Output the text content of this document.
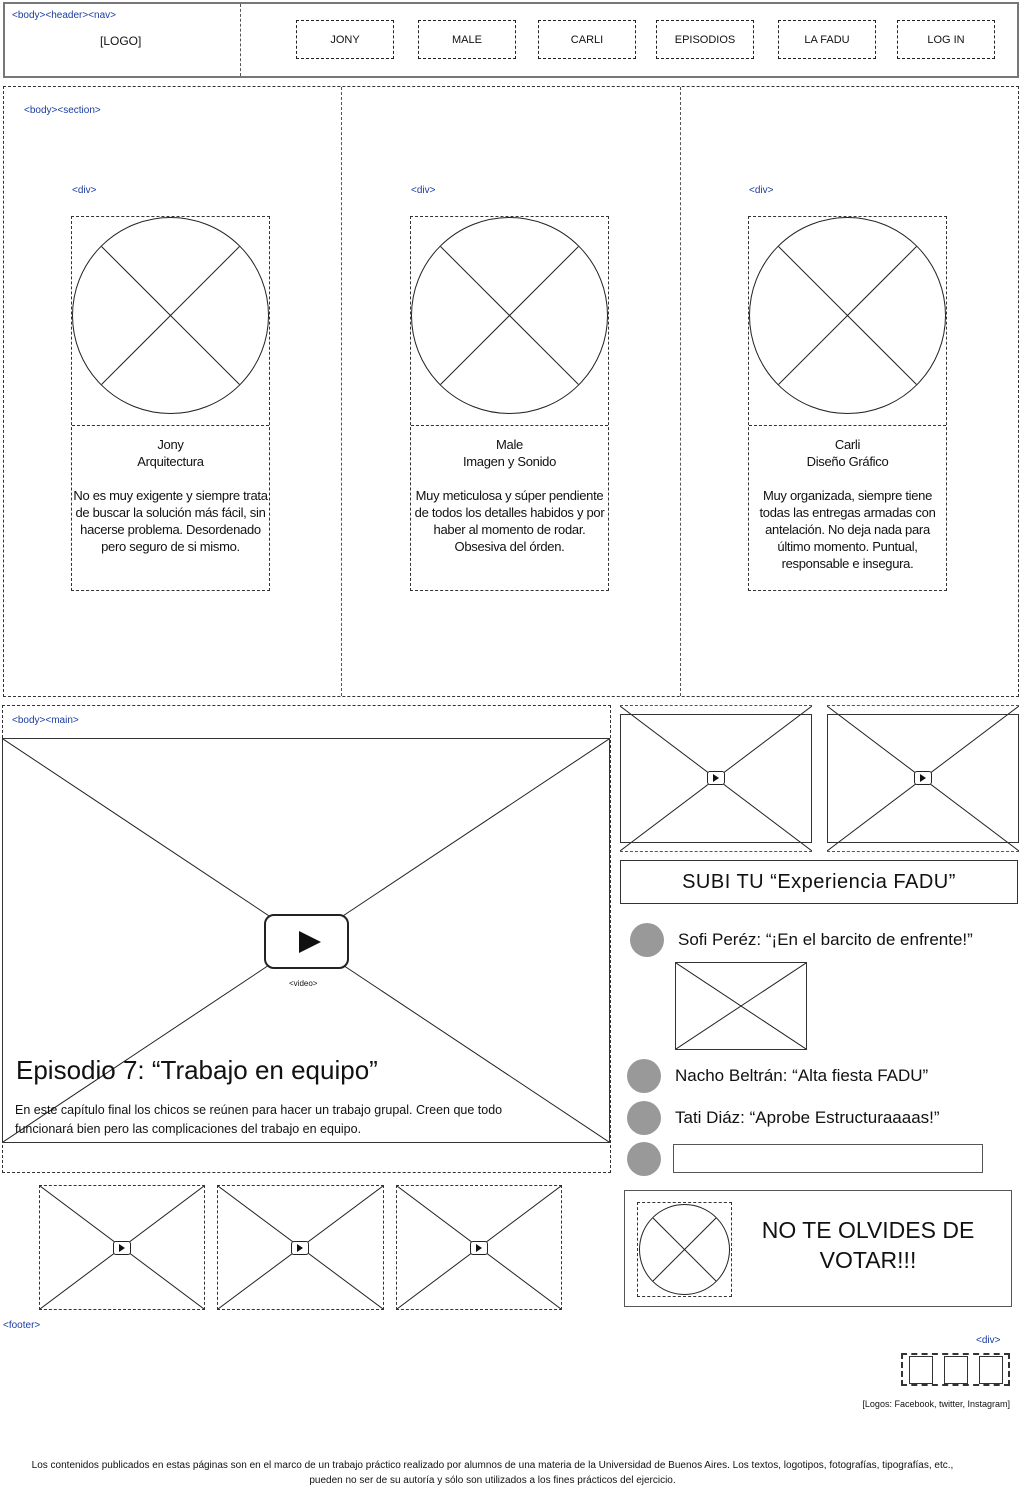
<body><header><nav>
[LOGO]	JONY	MALE	CARLI	EPISODIOS	LA FADU	LOG IN
<body><section>
<div>	<div>	<div>
Jony
Arquitectura
No es muy exigente y siempre trata de buscar la solución más fácil, sin hacerse problema. Desordenado pero seguro de si mismo.
Male
Imagen y Sonido
Muy meticulosa y súper pendiente de todos los detalles habidos y por haber al momento de rodar. Obsesiva del órden.
Carli
Diseño Gráfico
Muy organizada, siempre tiene todas las entregas armadas con antelación. No deja nada para último momento. Puntual, responsable e insegura.
<body><main>
<video>
Episodio 7: “Trabajo en equipo”
En este capítulo final los chicos se reúnen para hacer un trabajo grupal. Creen que todo funcionará bien pero las complicaciones del trabajo en equipo.
SUBI TU “Experiencia FADU”
Sofi Peréz: “¡En el barcito de enfrente!”
Nacho Beltrán: “Alta fiesta FADU”
Tati Diáz: “Aprobe Estructuraaaas!”
NO TE OLVIDES DE VOTAR!!!
<footer>
<div>
[Logos: Facebook, twitter, Instagram]
Los contenidos publicados en estas páginas son en el marco de un trabajo práctico realizado por alumnos de una materia de la Universidad de Buenos Aires. Los textos, logotipos, fotografías, tipografías, etc., pueden no ser de su autoría y sólo son utilizados a los fines prácticos del ejercicio.
